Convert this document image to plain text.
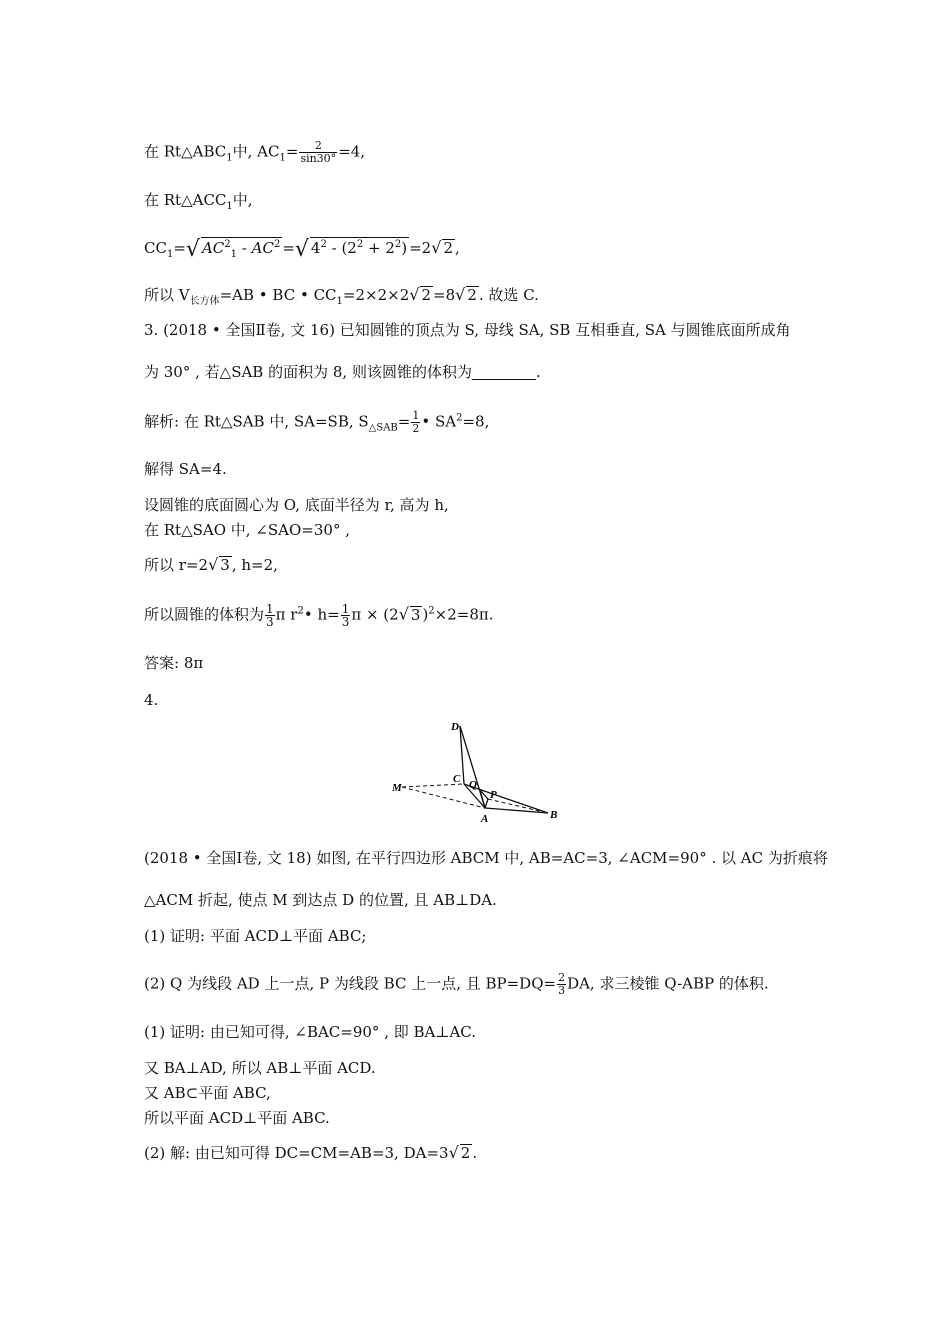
在 $Rt\triangle ABC_1$中, $AC_1= \frac{2}{\sin 30^\circ} =4$,
在 $Rt\triangle ACC_1$中,
$CC_1=√$ $AC^2_1 - AC^2$ =√ $4^2 - (2^2 + 2^2) =2√$ 2 ,
所以 $V_{长方体}=AB$ • BC • $CC_1=2\times 2\times 2√$ 2 =8√ 2 . 故选 C.
3. (2018 • 全国Ⅱ卷, 文 16) 已知圆锥的顶点为 S, 母线 SA, SB 互相垂直, SA 与圆锥底面所成角
为 30° , 若△SAB 的面积为 8, 则该圆锥的体积为	.
解析: 在 Rt△SAB 中, SA=SB, $S_{\triangle SAB}= \frac{1}{2}$ • $SA^2=8$,
解得 SA=4.
设圆锥的底面圆心为 O, 底面半径为 r, 高为 h,
在 Rt△SAO 中, ∠SAO=30° ,
所以 r=2√ 3 , h=2,
所以圆锥的体积为 $\frac{1}{3}$ π $r^2•$ $h= \frac{1}{3}$ π × (2√ 3 )$^2$×2=8π.
答案: 8π
4.
D
C Q
P
M
A	B
(2018 • 全国Ⅰ卷, 文 18) 如图, 在平行四边形 ABCM 中, AB=AC=3, ∠ACM=90° . 以 AC 为折痕将
△ACM 折起, 使点 M 到达点 D 的位置, 且 AB⊥DA.
(1) 证明: 平面 ACD⊥平面 ABC;
(2) Q 为线段 AD 上一点, P 为线段 BC 上一点, 且 $BP=DQ= \frac{2}{3}$ DA, 求三棱锥 Q-ABP 的体积.
(1) 证明: 由已知可得, ∠BAC=90° , 即 BA⊥AC.
又 BA⊥AD, 所以 AB⊥平面 ACD.
又 AB⊂平面 ABC,
所以平面 ACD⊥平面 ABC.
(2) 解: 由已知可得 DC=CM=AB=3, DA=3√ 2 .
